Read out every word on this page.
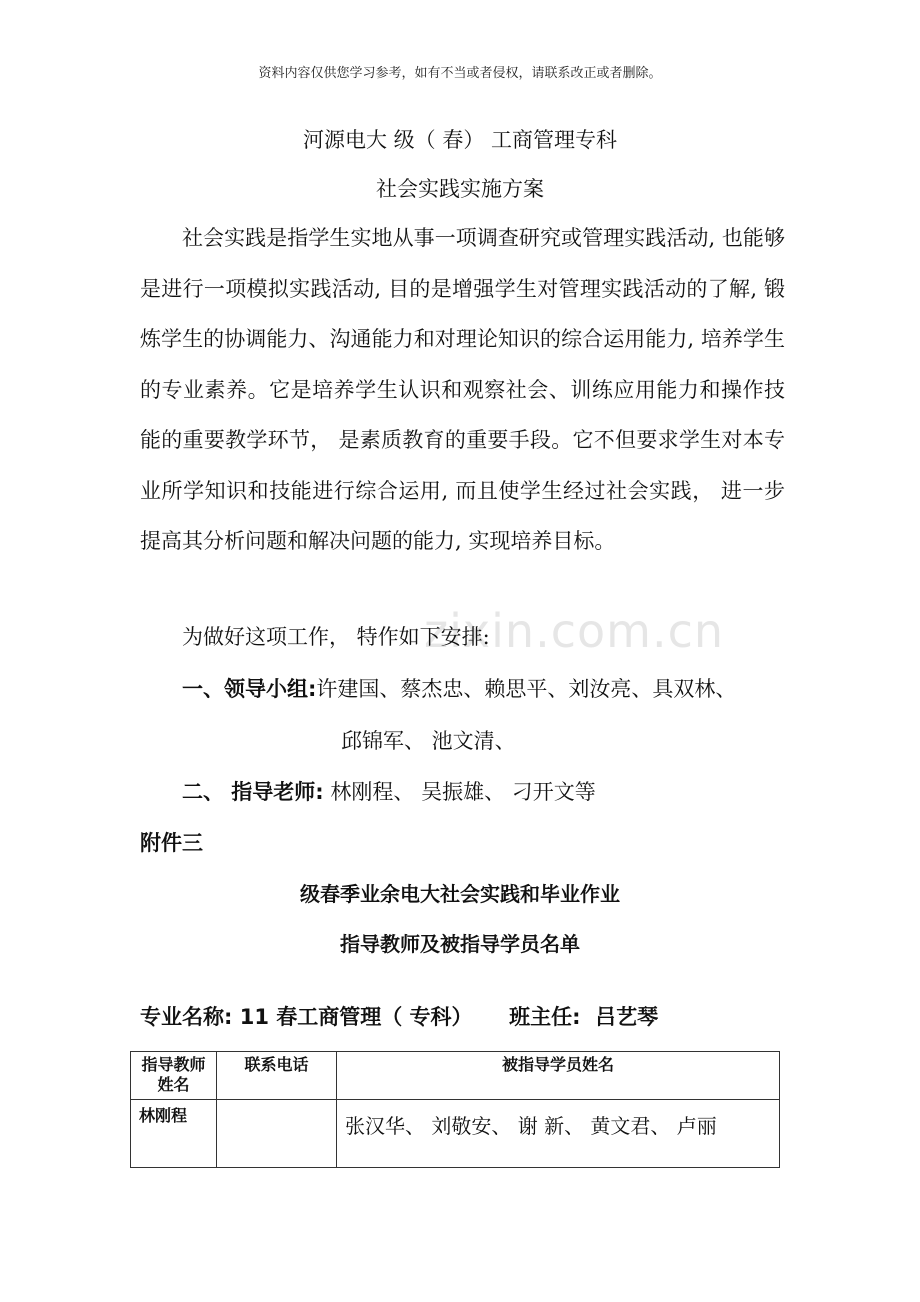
资料内容仅供您学习参考，如有不当或者侵权，请联系改正或者删除。
河源电大 级（ 春） 工商管理专科
社会实践实施方案
社会实践是指学生实地从事一项调查研究或管理实践活动, 也能够是进行一项模拟实践活动, 目的是增强学生对管理实践活动的了解, 锻炼学生的协调能力、沟通能力和对理论知识的综合运用能力, 培养学生的专业素养。它是培养学生认识和观察社会、训练应用能力和操作技能的重要教学环节， 是素质教育的重要手段。它不但要求学生对本专业所学知识和技能进行综合运用, 而且使学生经过社会实践， 进一步提高其分析问题和解决问题的能力, 实现培养目标。
zixin.com.cn
为做好这项工作， 特作如下安排:
一、领导小组:许建国、蔡杰忠、赖思平、刘汝亮、具双林、
邱锦军、 池文清、
二、 指导老师: 林刚程、 吴振雄、 刁开文等
附件三
级春季业余电大社会实践和毕业作业
指导教师及被指导学员名单
专业名称: 11 春工商管理（ 专科）     班主任:  吕艺琴
指导教师姓名	联系电话	被指导学员姓名
林刚程		张汉华、 刘敬安、 谢 新、 黄文君、 卢丽
